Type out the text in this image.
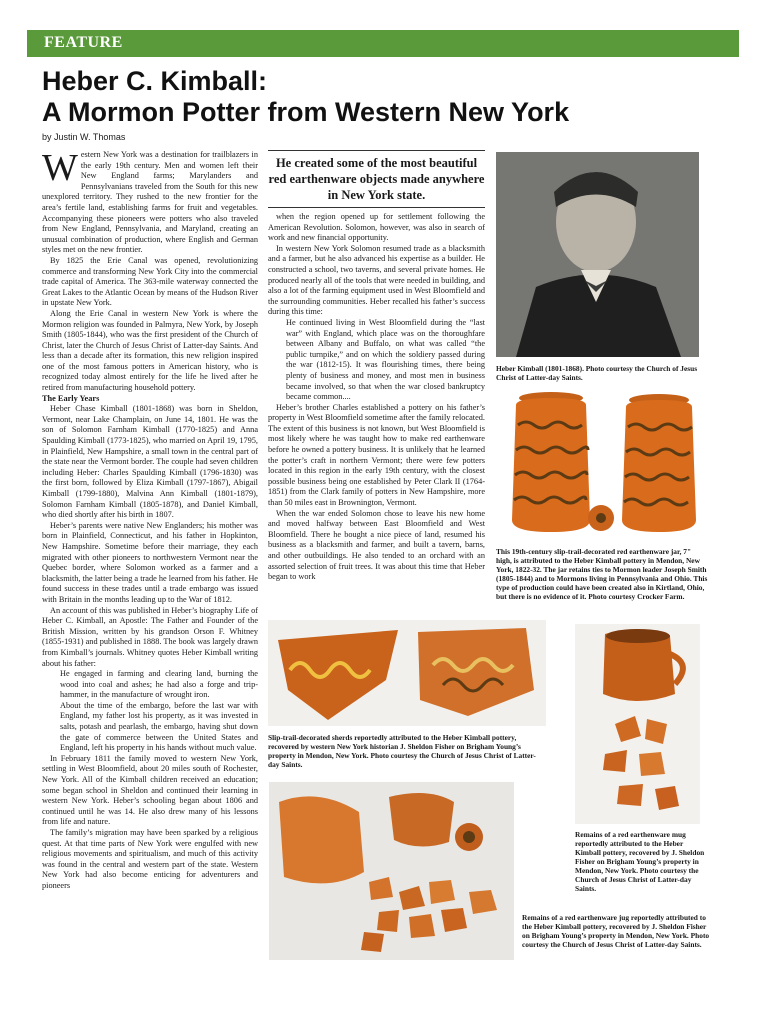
FEATURE
Heber C. Kimball:
A Mormon Potter from Western New York
by Justin W. Thomas

Western New York was a destination for trailblazers in the early 19th century. Men and women left their New England farms; Marylanders and Pennsylvanians traveled from the South for this new unexplored territory. They rushed to the new frontier for the area’s fertile land, establishing farms for fruit and vegetables. Accompanying these pioneers were potters who also traveled from New England, Pennsylvania, and Maryland, creating an unusual combination of production, where English and German styles met on the new frontier.

By 1825 the Erie Canal was opened, revolutionizing commerce and transforming New York City into the commercial trade capital of America. The 363-mile waterway connected the Great Lakes to the Atlantic Ocean by means of the Hudson River in upstate New York.

Along the Erie Canal in western New York is where the Mormon religion was founded in Palmyra, New York, by Joseph Smith (1805-1844), who was the first president of the Church of Christ, later the Church of Jesus Christ of Latter-day Saints. And less than a decade after its formation, this new religion inspired one of the most famous potters in American history, who is recognized today almost entirely for the life he lived after he retired from manufacturing household pottery.

The Early Years

Heber Chase Kimball (1801-1868) was born in Sheldon, Vermont, near Lake Champlain, on June 14, 1801. He was the son of Solomon Farnham Kimball (1770-1825) and Anna Spaulding Kimball (1773-1825), who married on April 19, 1795, in Plainfield, New Hampshire, a small town in the central part of the state near the Vermont border. The couple had seven children including Heber: Charles Spaulding Kimball (1796-1830) was the first born, followed by Eliza Kimball (1797-1867), Abigail Kimball (1799-1880), Malvina Ann Kimball (1801-1879), Solomon Farnham Kimball (1805-1878), and Daniel Kimball, who died shortly after his birth in 1807.

Heber’s parents were native New Englanders; his mother was born in Plainfield, Connecticut, and his father in Hopkinton, New Hampshire. Sometime before their marriage, they each migrated with other pioneers to northwestern Vermont near the Quebec border, where Solomon worked as a farmer and a blacksmith, the latter being a trade he learned from his father. He found success in these trades until a trade embargo was issued with Britain in the months leading up to the War of 1812.

An account of this was published in Heber’s biography Life of Heber C. Kimball, an Apostle: The Father and Founder of the British Mission, written by his grandson Orson F. Whitney (1855-1931) and published in 1888. The book was largely drawn from Kimball’s journals. Whitney quotes Heber Kimball writing about his father:

He engaged in farming and clearing land, burning the wood into coal and ashes; he had also a forge and trip-hammer, in the manufacture of wrought iron.

About the time of the embargo, before the last war with England, my father lost his property, as it was invested in salts, potash and pearlash, the embargo, having shut down the gate of commerce between the United States and England, left his property in his hands without much value.

In February 1811 the family moved to western New York, settling in West Bloomfield, about 20 miles south of Rochester, New York. All of the Kimball children received an education; some began school in Sheldon and continued their learning in western New York. Heber’s schooling began about 1806 and continued until he was 14. He also drew many of his lessons from life and nature.

The family’s migration may have been sparked by a religious quest. At that time parts of New York were engulfed with new religious movements and spiritualism, and much of this activity was found in the central and western part of the state. Western New York had also become enticing for adventurers and pioneers

He created some of the most beautiful red earthenware objects made anywhere in New York state.

when the region opened up for settlement following the American Revolution. Solomon, however, was also in search of work and new financial opportunity.

In western New York Solomon resumed trade as a blacksmith and a farmer, but he also advanced his expertise as a builder. He constructed a school, two taverns, and several private homes. He produced nearly all of the tools that were needed in building, and also a lot of the farming equipment used in West Bloomfield and the surrounding communities. Heber recalled his father’s success during this time:

He continued living in West Bloomfield during the “last war” with England, which place was on the thoroughfare between Albany and Buffalo, on what was called “the public turnpike,” and on which the soldiery passed during the war (1812-15). It was flourishing times, there being plenty of business and money, and most men in business became involved, so that when the war closed bankruptcy became common....

Heber’s brother Charles established a pottery on his father’s property in West Bloomfield sometime after the family relocated. The extent of this business is not known, but West Bloomfield is most likely where he was taught how to make red earthenware before he owned a pottery business. It is unlikely that he learned the potter’s craft in northern Vermont; there were few potters located in this region in the early 19th century, with the closest possible business being one established by Peter Clark II (1764-1851) from the Clark family of potters in New Hampshire, more than 50 miles east in Brownington, Vermont.

When the war ended Solomon chose to leave his new home and moved halfway between East Bloomfield and West Bloomfield. There he bought a nice piece of land, resumed his business as a blacksmith and farmer, and built a tavern, barns, and other outbuildings. He also tended to an orchard with an assorted selection of fruit trees. It was about this time that Heber began to work

Heber Kimball (1801-1868). Photo courtesy the Church of Jesus Christ of Latter-day Saints.
This 19th-century slip-trail-decorated red earthenware jar, 7" high, is attributed to the Heber Kimball pottery in Mendon, New York, 1822-32. The jar retains ties to Mormon leader Joseph Smith (1805-1844) and to Mormons living in Pennsylvania and Ohio. This type of production could have been created also in Kirtland, Ohio, but there is no evidence of it. Photo courtesy Crocker Farm.
Slip-trail-decorated sherds reportedly attributed to the Heber Kimball pottery, recovered by western New York historian J. Sheldon Fisher on Brigham Young’s property in Mendon, New York. Photo courtesy the Church of Jesus Christ of Latter-day Saints.
Remains of a red earthenware mug reportedly attributed to the Heber Kimball pottery, recovered by J. Sheldon Fisher on Brigham Young’s property in Mendon, New York. Photo courtesy the Church of Jesus Christ of Latter-day Saints.
Remains of a red earthenware jug reportedly attributed to the Heber Kimball pottery, recovered by J. Sheldon Fisher on Brigham Young’s property in Mendon, New York. Photo courtesy the Church of Jesus Christ of Latter-day Saints.
